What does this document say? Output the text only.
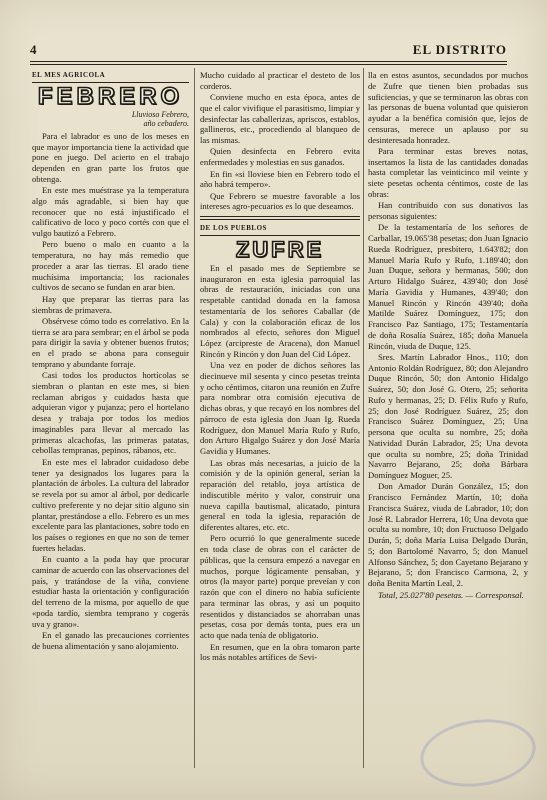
4	EL DISTRITO
EL MES AGRICOLA
FEBRERO
Lluvioso Febrero,
año cebadero.

Para el labrador es uno de los meses en que mayor importancia tiene la actividad que pone en juego. Del acierto en el trabajo dependen en gran parte los frutos que obtenga.

En este mes muéstrase ya la temperatura algo más agradable, si bien hay que reconocer que no está injustificado el calificativo de loco y poco cortés con que el vulgo bautizó a Febrero.

Pero bueno o malo en cuanto a la temperatura, no hay más remedio que proceder a arar las tierras. El arado tiene muchísima importancia; los racionales cultivos de secano se fundan en arar bien.

Hay que preparar las tierras para las siembras de primavera.

Obsérvese cómo todo es correlativo. En la tierra se ara para sembrar; en el árbol se poda para dirigir la savia y obtener buenos frutos; en el prado se abona para conseguir temprano y abundante forraje.

Casi todos los productos hortícolas se siembran o plantan en este mes, si bien reclaman abrigos y cuidados hasta que adquieran vigor y pujanza; pero el hortelano desea y trabaja por todos los medios imaginables para llevar al mercado las primeras alcachofas, las primeras patatas, cebollas tempranas, pepinos, rábanos, etc.

En este mes el labrador cuidadoso debe tener ya designados los lugares para la plantación de árboles. La cultura del labrador se revela por su amor al árbol, por dedicarle cultivo preferente y no dejar sitio alguno sin plantar, prestándose a ello. Febrero es un mes excelente para las plantaciones, sobre todo en los países o regiones en que no son de temer fuertes heladas.

En cuanto a la poda hay que procurar caminar de acuerdo con las observaciones del país, y tratándose de la viña, conviene estudiar hasta la orientación y configuración del terreno de la misma, por aquello de que «poda tardío, siembra temprano y cogerás uva y grano».

En el ganado las precauciones corrientes de buena alimentación y sano alojamiento.

Mucho cuidado al practicar el desteto de los corderos.

Conviene mucho en esta época, antes de que el calor vivifique el parasitismo, limpiar y desinfectar las caballerizas, apriscos, establos, gallineros, etc., procediendo al blanqueo de las mismas.

Quien desinfecta en Febrero evita enfermedades y molestias en sus ganados.

En fin «si lloviese bien en Febrero todo el año habrá tempero».

Que Febrero se muestre favorable a los intereses agro-pecuarios es lo que deseamos.

DE LOS PUEBLOS
ZUFRE

En el pasado mes de Septiembre se inauguraron en esta iglesia parroquial las obras de restauración, iniciadas con una respetable cantidad donada en la famosa testamentaría de los señores Caballar (de Cala) y con la colaboración eficaz de los nombrados al efecto, señores don Miguel López (arcipreste de Aracena), don Manuel Rincón y Rincón y don Juan del Cid López.

Una vez en poder de dichos señores las diecinueve mil sesenta y cinco pesetas treinta y ocho céntimos, citaron una reunión en Zufre para nombrar otra comisión ejecutiva de dichas obras, y que recayó en los nombres del párroco de esta iglesia don Juan Ig. Rueda Rodríguez, don Manuel María Rufo y Rufo, don Arturo Higalgo Suárez y don José María Gavidia y Humanes.

Las obras más necesarias, a juicio de la comisión y de la opinión general, serían la reparación del retablo, joya artística de indiscutible mérito y valor, construir una nueva capilla bautismal, alicatado, pintura general en toda la iglesia, reparación de diferentes altares, etc. etc.

Pero ocurrió lo que generalmente sucede en toda clase de obras con el carácter de públicas, que la censura empezó a navegar en muchos, porque lógicamente pensaban, y otros (la mayor parte) porque preveían y con razón que con el dinero no había suficiente para terminar las obras, y así un poquito resentidos y distanciados se ahorraban unas pesetas, cosa por demás tonta, pues era un acto que nada tenía de obligatorio.

En resumen, que en la obra tomaron parte los más notables artífices de Sevi-

lla en estos asuntos, secundados por muchos de Zufre que tienen bien probadas sus suficiencias, y que se terminaron las obras con las personas de buena voluntad que quisieron ayudar a la benéfica comisión que, lejos de censuras, merece un aplauso por su desinteresada honradez.

Para terminar estas breves notas, insertamos la lista de las cantidades donadas hasta completar las veinticinco mil veinte y siete pesetas ochenta céntimos, coste de las obras:

Han contribuido con sus donativos las personas siguientes:

De la testamentaría de los señores de Carballar, 19.065'38 pesetas; don Juan Ignacio Rueda Rodríguez, presbítero, 1.643'82; don Manuel María Rufo y Rufo, 1.189'40; don Juan Duque, señora y hermanas, 500; don Arturo Hidalgo Suárez, 439'40; don José María Gavidia y Humanes, 439'40; don Manuel Rincón y Rincón 439'40; doña Matilde Suárez Domínguez, 175; don Francisco Paz Santiago, 175; Testamentaría de doña Rosalía Suárez, 185; doña Manuela Rincón, viuda de Duque, 125.

Sres. Martín Labrador Hnos., 110; don Antonio Roldán Rodríguez, 80; don Alejandro Duque Rincón, 50; don Antonio Hidalgo Suárez, 50; don José G. Otero, 25; señorita Rufo y hermanas, 25; D. Félix Rufo y Rufo, 25; don José Rodríguez Suárez, 25; don Francisco Suárez Domínguez, 25; Una persona que oculta su nombre, 25; doña Natividad Durán Labrador, 25; Una devota que oculta su nombre, 25; doña Trinidad Navarro Bejarano, 25; doña Bárbara Domínguez Moguer, 25.

Don Amador Durán González, 15; don Francisco Fernández Martín, 10; doña Francisca Suárez, viuda de Labrador, 10; don José R. Labrador Herrera, 10; Una devota que oculta su nombre, 10; don Fructuoso Delgado Durán, 5; doña María Luisa Delgado Durán, 5; don Bartolomé Navarro, 5; don Manuel Alfonso Sánchez, 5; don Cayetano Bejarano y Bejarano, 5; don Francisco Carmona, 2, y doña Benita Martín Leal, 2.

Total, 25.027'80 pesetas. — Corresponsal.
